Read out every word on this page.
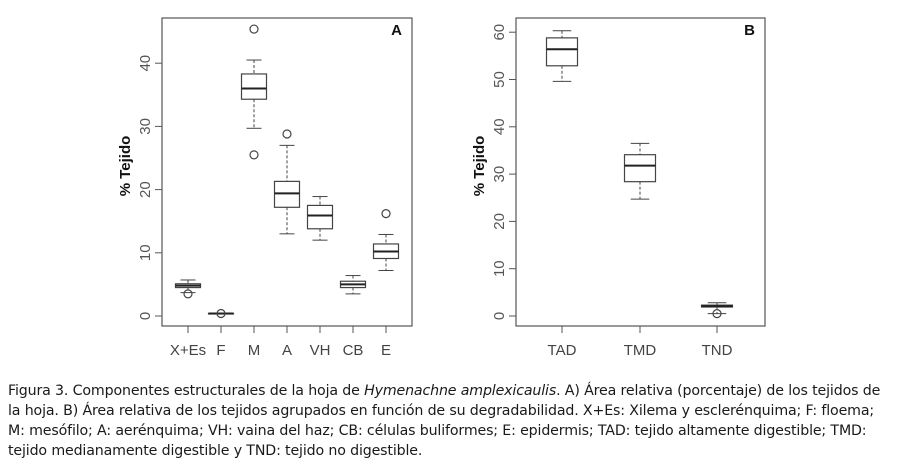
A
0
10
20
30
40
% Tejido
X+Es F M A VH CB E
B
0
10
20
30
40
50
60
% Tejido
TAD	TMD	TND
Figura 3. Componentes estructurales de la hoja de Hymenachne amplexicaulis. A) Área relativa (porcentaje) de los tejidos de la hoja. B) Área relativa de los tejidos agrupados en función de su degradabilidad. X+Es: Xilema y esclerénquima; F: floema; M: mesófilo; A: aerénquima; VH: vaina del haz; CB: células buliformes; E: epidermis; TAD: tejido altamente digestible; TMD: tejido medianamente digestible y TND: tejido no digestible.
